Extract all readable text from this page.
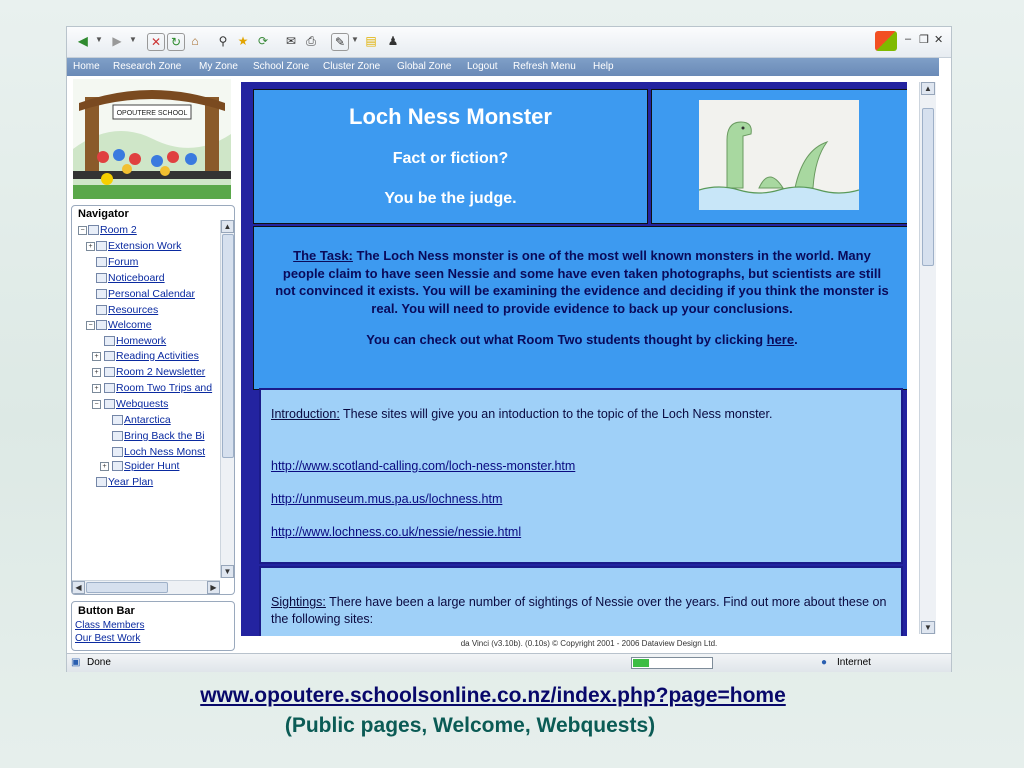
◀ ▼ ▶ ▼	✕ ↻ ⌂	⚲ ★ ⟳ ✉ ⎙	✎ ▼ ▤ ♟	– ❐ ✕
Home Research Zone My Zone School Zone Cluster Zone Global Zone Logout Refresh Menu Help
OPOUTERE SCHOOL
Navigator
− Room 2
+ Extension Work
Forum
Noticeboard
Personal Calendar
Resources
− Welcome
Homework
+ Reading Activities
+ Room 2 Newsletter
+ Room Two Trips and
− Webquests
Antarctica
Bring Back the Bi
Loch Ness Monst
+ Spider Hunt
Year Plan
▲
▼
◀	▶
Button Bar
Class Members
Our Best Work
Loch Ness Monster
Fact or fiction?
You be the judge.
The Task: The Loch Ness monster is one of the most well known monsters in the world. Many people claim to have seen Nessie and some have even taken photographs, but scientists are still not convinced it exists. You will be examining the evidence and deciding if you think the monster is real. You will need to provide evidence to back up your conclusions.
You can check out what Room Two students thought by clicking here.

Introduction: These sites will give you an intoduction to the topic of the Loch Ness monster.

http://www.scotland-calling.com/loch-ness-monster.htm

http://unmuseum.mus.pa.us/lochness.htm

http://www.lochness.co.uk/nessie/nessie.html

Sightings: There have been a large number of sightings of Nessie over the years. Find out more about these on the following sites:

▲
▼
da Vinci (v3.10b). (0.10s) © Copyright 2001 - 2006 Dataview Design Ltd.
▣ Done	● Internet
www.opoutere.schoolsonline.co.nz/index.php?page=home
(Public pages, Welcome, Webquests)
